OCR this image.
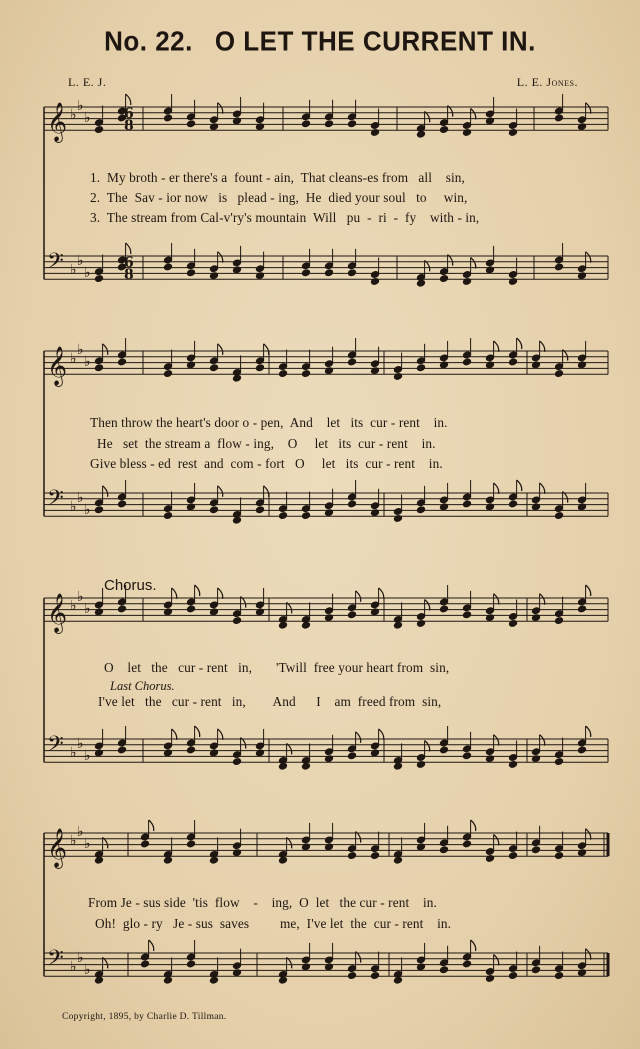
No. 22. O LET THE CURRENT IN.
L. E. J.	L. E. Jones.
𝄞 ♭
♭
♭
𝄢 ♭
♭
♭
𝄞 ♭
♭
♭
𝄢 ♭
♭
♭
𝄞 ♭
♭
♭
𝄢 ♭
♭
♭
𝄞 ♭
♭
♭
𝄢 ♭
♭
♭
6
8
6
8
1.  My broth - er there's a  fount - ain,  That cleans-es from   all    sin,
2.  The  Sav - ior now   is   plead - ing,  He  died your soul   to     win,
3.  The stream from Cal-v'ry's mountain  Will   pu  -  ri  -  fy    with - in,
Then throw the heart's door o - pen,  And    let   its  cur - rent    in.
He   set  the stream a  flow - ing,    O     let   its  cur - rent    in.
Give bless - ed  rest  and  com - fort   O     let   its  cur - rent    in.
Chorus.
O    let   the   cur - rent   in,       'Twill  free your heart from  sin,
Last Chorus.
I've let   the   cur - rent   in,        And      I    am  freed from  sin,
From Je - sus side  'tis  flow    -    ing,  O  let   the cur - rent    in.
Oh!  glo - ry   Je - sus  saves         me,  I've let  the  cur - rent    in.
Copyright, 1895, by Charlie D. Tillman.
